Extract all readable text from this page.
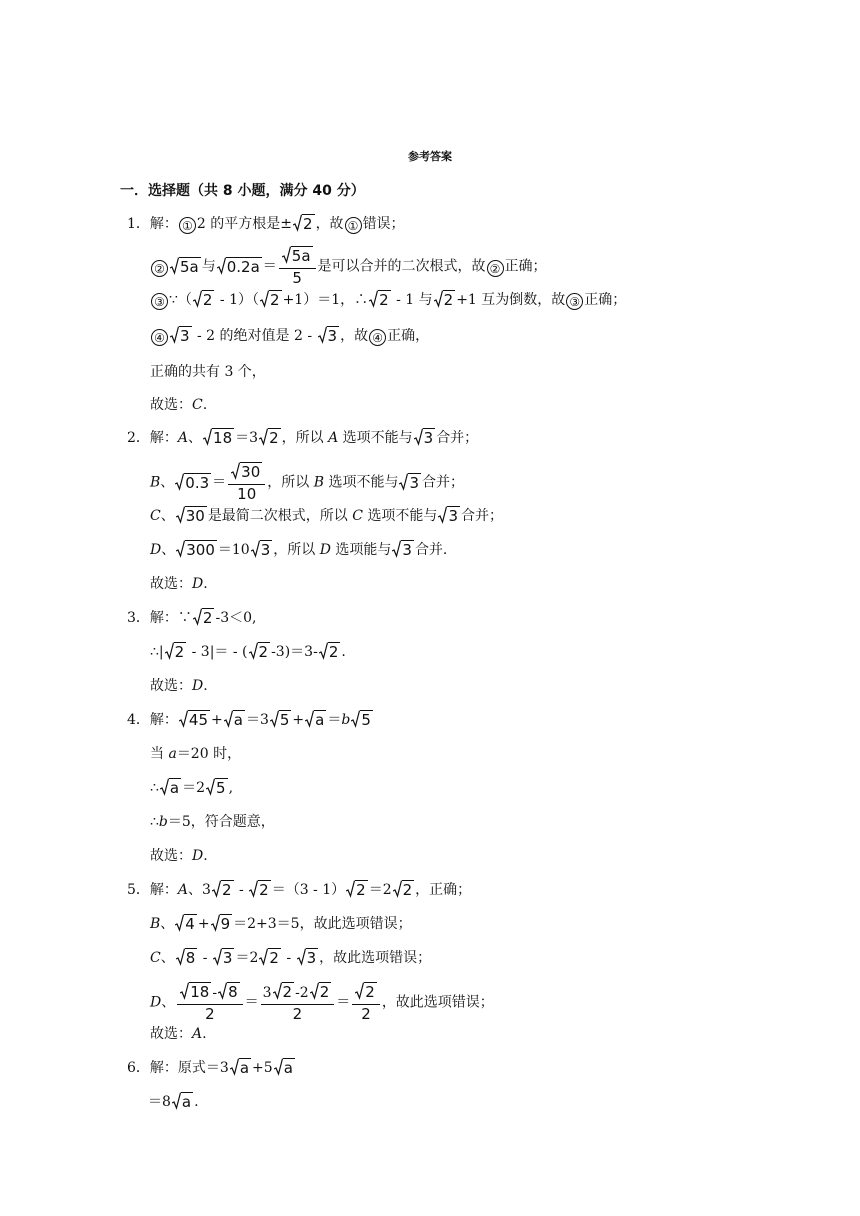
参考答案
一．选择题（共 8 小题，满分 40 分）
1．解： ① 2 的平方根是± 2 ，故 ① 错误；
② 5a 与 $0.2a = \frac{5a}{5}$ 是可以合并的二次根式，故 ② 正确；
③ ∵（ 2 - 1）（ 2 +1）＝1，∴ 2 - 1 与 2 +1 互为倒数，故 ③ 正确；
④ 3 - 2 的绝对值是 2 - 3 ，故 ④ 正确，
正确的共有 3 个，
故选：C.
2．解：A、 18 ＝3 2 ，所以 A 选项不能与 3 合并；
B、 $0.3 = \frac{30}{10}$ ，所以 B 选项不能与 3 合并；
C、 30 是最简二次根式，所以 C 选项不能与 3 合并；
D、 300 ＝10 3 ，所以 D 选项能与 3 合并.
故选：D.
3．解：∵ 2 -3＜0,
∴| 2 - 3|＝ - ( 2 -3)＝3- 2 .
故选：D.
4．解： 45 + a ＝3 5 + a ＝b 5
当 a＝20 时，
∴ a ＝2 5 ,
∴b＝5，符合题意，
故选：D.
5．解：A、3 2 - 2 ＝（3 - 1） 2 ＝2 2 ，正确；
B、 4 + 9 ＝2+3＝5，故此选项错误；
C、 8 - 3 ＝2 2 - 3 ，故此选项错误；
D、 $\frac{18 - 8}{2} = \frac{3 2 -2 2}{2} = \frac{2}{2}$ ，故此选项错误；
故选：A.
6．解：原式＝3 a +5 a
＝8 a .
